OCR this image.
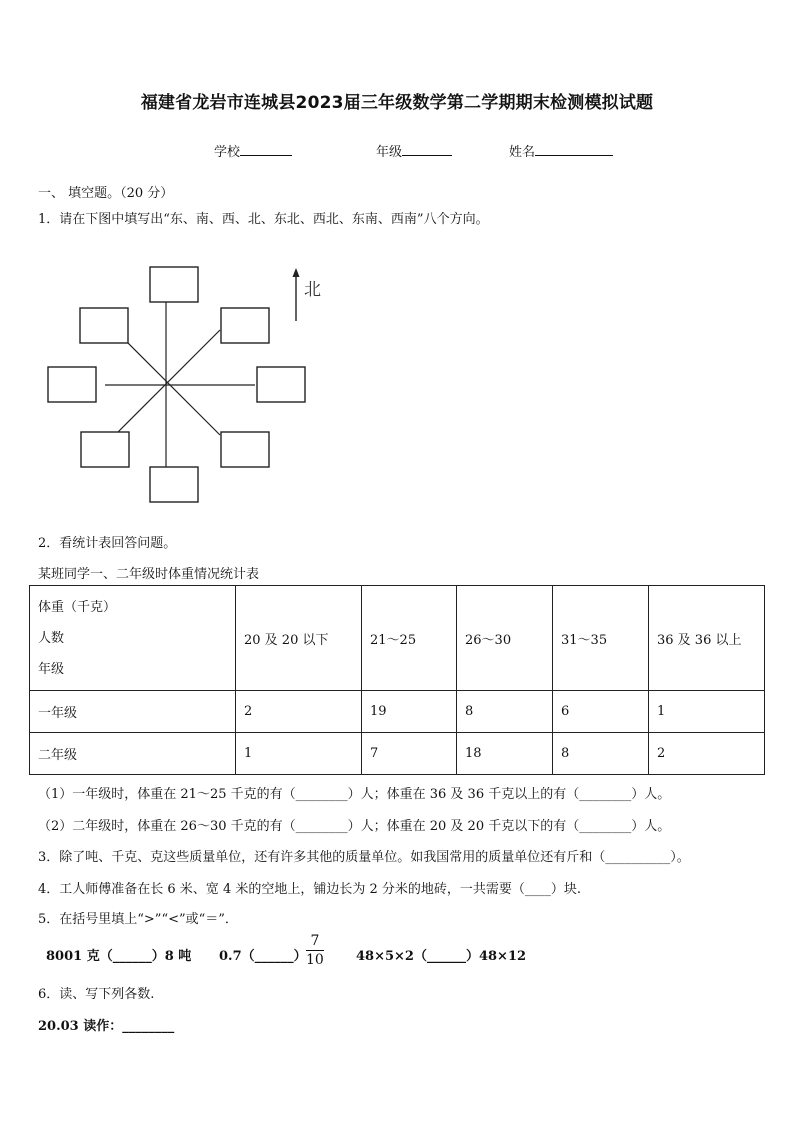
福建省龙岩市连城县2023届三年级数学第二学期期末检测模拟试题
学校	年级	姓名
一、 填空题。（20 分）
1．请在下图中填写出“东、南、西、北、东北、西北、东南、西南”八个方向。
北
2．看统计表回答问题。
某班同学一、二年级时体重情况统计表
体重（千克）
人数
年级	20 及 20 以下	21～25	26～30	31～35	36 及 36 以上
一年级	2	19	8	6	1
二年级	1	7	18	8	2
（1）一年级时，体重在 21～25 千克的有（________）人；体重在 36 及 36 千克以上的有（________）人。
（2）二年级时，体重在 26～30 千克的有（________）人；体重在 20 及 20 千克以下的有（________）人。
3．除了吨、千克、克这些质量单位，还有许多其他的质量单位。如我国常用的质量单位还有斤和（__________）。
4．工人师傅准备在长 6 米、宽 4 米的空地上，铺边长为 2 分米的地砖，一共需要（____）块.
5．在括号里填上“>”“<”或“＝”．
8001 克（______）8 吨 0.7（______） $\frac{7}{10}$ 48×5×2（______）48×12
6．读、写下列各数.
20.03 读作：________
